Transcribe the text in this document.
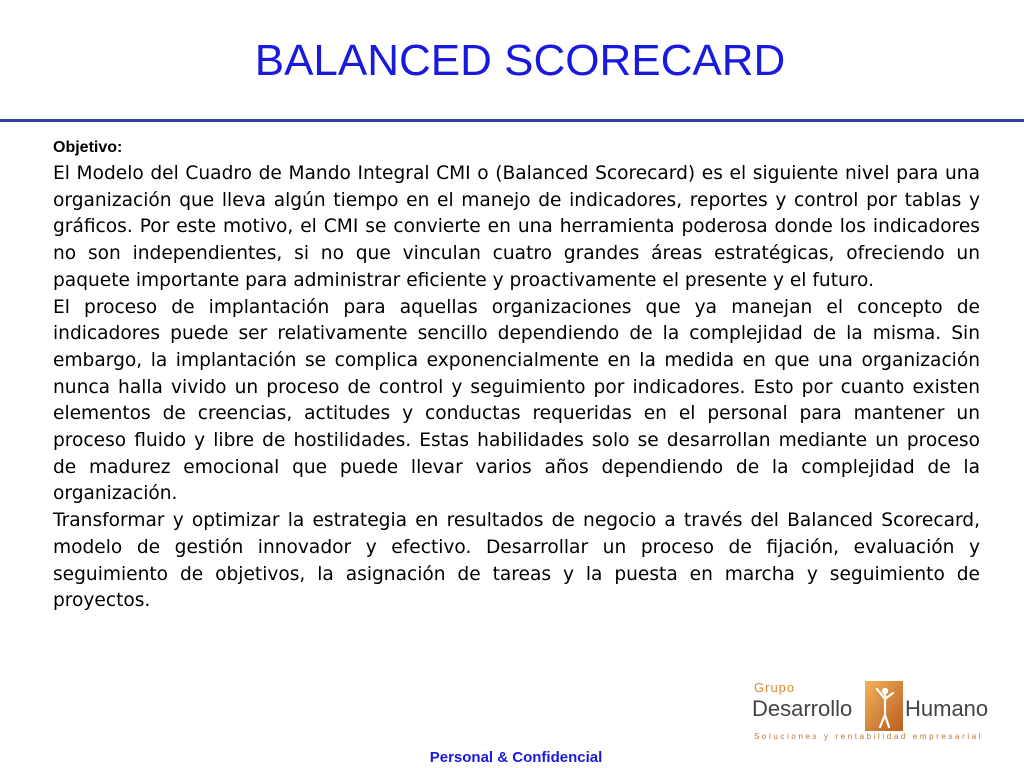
BALANCED SCORECARD
Objetivo:

El Modelo del Cuadro de Mando Integral CMI o (Balanced Scorecard) es el siguiente nivel para una organización que lleva algún tiempo en el manejo de indicadores, reportes y control por tablas y gráficos. Por este motivo, el CMI se convierte en una herramienta poderosa donde los indicadores no son independientes, si no que vinculan cuatro grandes áreas estratégicas, ofreciendo un paquete importante para administrar eficiente y proactivamente el presente y el futuro.

El proceso de implantación para aquellas organizaciones que ya manejan el concepto de indicadores puede ser relativamente sencillo dependiendo de la complejidad de la misma. Sin embargo, la implantación se complica exponencialmente en la medida en que una organización nunca halla vivido un proceso de control y seguimiento por indicadores. Esto por cuanto existen elementos de creencias, actitudes y conductas requeridas en el personal para mantener un proceso fluido y libre de hostilidades. Estas habilidades solo se desarrollan mediante un proceso de madurez emocional que puede llevar varios años dependiendo de la complejidad de la organización.

Transformar y optimizar la estrategia en resultados de negocio a través del Balanced Scorecard, modelo de gestión innovador y efectivo. Desarrollar un proceso de fijación, evaluación y seguimiento de objetivos, la asignación de tareas y la puesta en marcha y seguimiento de proyectos.

Grupo
Desarrollo Humano
Soluciones y rentabilidad empresarial
Personal & Confidencial
